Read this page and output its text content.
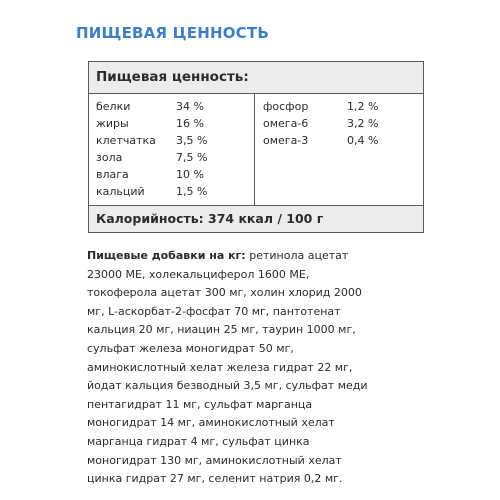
ПИЩЕВАЯ ЦЕННОСТЬ
Пищевая ценность:
белки	34 %
жиры	16 %
клетчатка 3,5 %
зола	7,5 %
влага	10 %
кальций	1,5 %
фосфор	1,2 %
омега-6	3,2 %
омега-3	0,4 %
Калорийность: 374 ккал / 100 г
Пищевые добавки на кг: ретинола ацетат
23000 МЕ, холекальциферол 1600 МЕ,
токоферола ацетат 300 мг, холин хлорид 2000
мг, L-аскорбат-2-фосфат 70 мг, пантотенат
кальция 20 мг, ниацин 25 мг, таурин 1000 мг,
сульфат железа моногидрат 50 мг,
аминокислотный хелат железа гидрат 22 мг,
йодат кальция безводный 3,5 мг, сульфат меди
пентагидрат 11 мг, сульфат марганца
моногидрат 14 мг, аминокислотный хелат
марганца гидрат 4 мг, сульфат цинка
моногидрат 130 мг, аминокислотный хелат
цинка гидрат 27 мг, селенит натрия 0,2 мг.
